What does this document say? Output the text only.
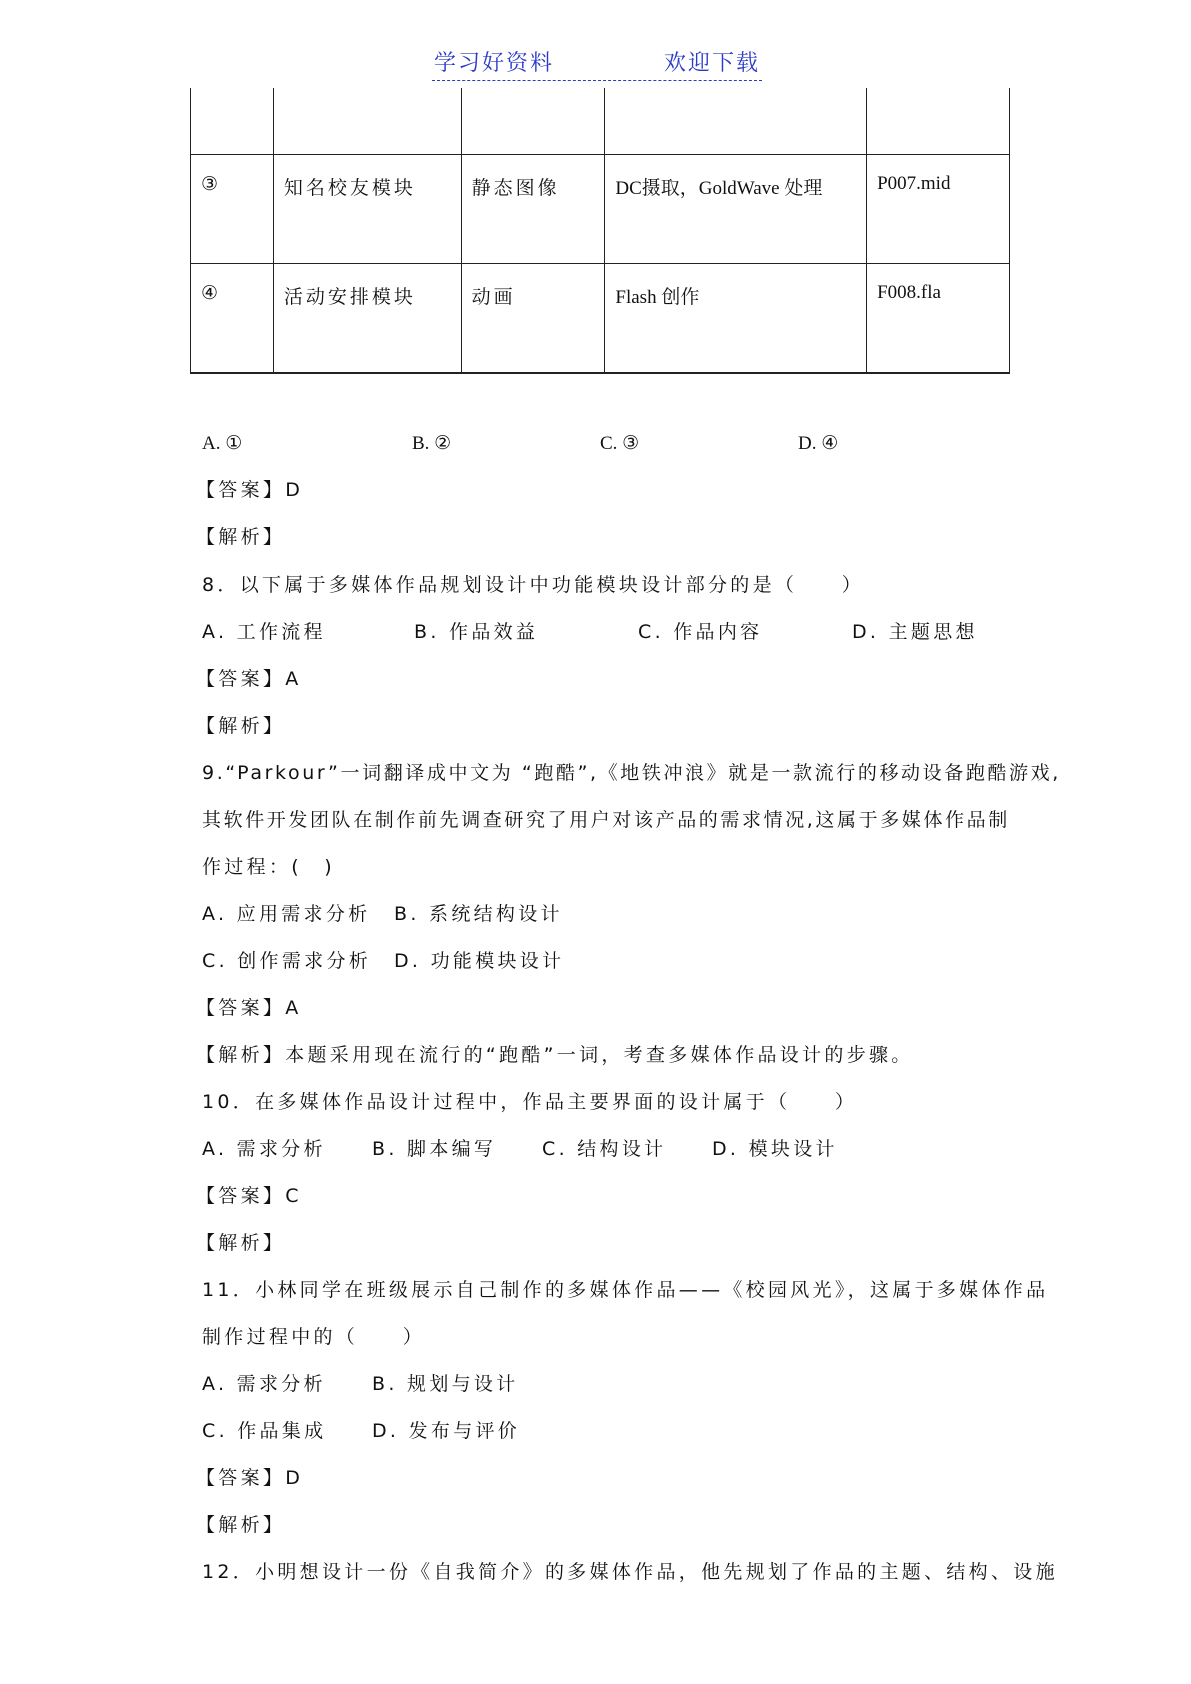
学习好资料	欢迎下载

③	知名校友模块	静态图像	DC摄取，GoldWave 处理	P007.mid
④	活动安排模块	动画	Flash 创作	F008.fla
A. ①	B. ②	C. ③	D. ④
【答案】D
【解析】
8．以下属于多媒体作品规划设计中功能模块设计部分的是（　　）
A. 工作流程	B. 作品效益	C. 作品内容	D. 主题思想
【答案】A
【解析】
9.“Parkour”一词翻译成中文为 “跑酷”,《地铁冲浪》就是一款流行的移动设备跑酷游戏,
其软件开发团队在制作前先调查研究了用户对该产品的需求情况,这属于多媒体作品制
作过程：(　)
A. 应用需求分析 B. 系统结构设计
C. 创作需求分析 D. 功能模块设计
【答案】A
【解析】本题采用现在流行的“跑酷”一词，考查多媒体作品设计的步骤。
10．在多媒体作品设计过程中，作品主要界面的设计属于（　　）
A. 需求分析 B. 脚本编写 C. 结构设计 D. 模块设计
【答案】C
【解析】
11．小林同学在班级展示自己制作的多媒体作品——《校园风光》，这属于多媒体作品
制作过程中的（　　）
A. 需求分析 B. 规划与设计
C. 作品集成 D. 发布与评价
【答案】D
【解析】
12．小明想设计一份《自我简介》的多媒体作品，他先规划了作品的主题、结构、设施
